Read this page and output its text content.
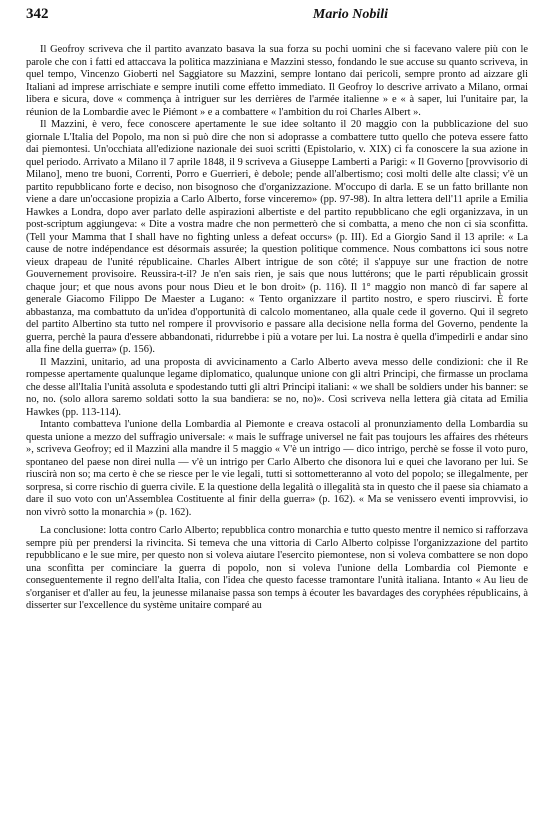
342	Mario Nobili

Il Geofroy scriveva che il partito avanzato basava la sua forza su pochi uomini che si facevano valere più con le parole che con i fatti ed attaccava la politica mazziniana e Mazzini stesso, fondando le sue accuse su quanto scriveva, in quel tempo, Vincenzo Gioberti nel Saggiatore su Mazzini, sempre lontano dai pericoli, sempre pronto ad aizzare gli Italiani ad imprese arrischiate e sempre inutili come effetto immediato. Il Geofroy lo descrive arrivato a Milano, ormai libera e sicura, dove « commença à intriguer sur les derrières de l'armée italienne » e « à saper, lui l'unitaire par, la réunion de la Lombardie avec le Piémont » e a combattere « l'ambition du roi Charles Albert ».

Il Mazzini, è vero, fece conoscere apertamente le sue idee soltanto il 20 maggio con la pubblicazione del suo giornale L'Italia del Popolo, ma non si può dire che non si adoprasse a combattere tutto quello che poteva essere fatto dai piemontesi. Un'occhiata all'edizione nazionale dei suoi scritti (Epistolario, v. XIX) ci fa conoscere la sua azione in quel periodo. Arrivato a Milano il 7 aprile 1848, il 9 scriveva a Giuseppe Lamberti a Parigi: « Il Governo [provvisorio di Milano], meno tre buoni, Correnti, Porro e Guerrieri, è debole; pende all'albertismo; così molti delle alte classi; v'è un partito repubblicano forte e deciso, non bisognoso che d'organizzazione. M'occupo di darla. E se un fatto brillante non viene a dare un'occasione propizia a Carlo Alberto, forse vinceremo» (pp. 97-98). In altra lettera dell'11 aprile a Emilia Hawkes a Londra, dopo aver parlato delle aspirazioni albertiste e del partito repubblicano che egli organizzava, in un post-scriptum aggiungeva: « Dite a vostra madre che non permetterò che si combatta, a meno che non ci sia sconfitta. (Tell your Mamma that I shall have no fighting unless a defeat occurs» (p. III). Ed a Giorgio Sand il 13 aprile: « La cause de notre indépendance est désormais assurée; la question politique commence. Nous combattons ici sous notre vieux drapeau de l'unité républicaine. Charles Albert intrigue de son côté; il s'appuye sur une fraction de notre Gouvernement provisoire. Reussira-t-il? Je n'en sais rien, je sais que nous luttérons; que le parti républicain grossit chaque jour; et que nous avons pour nous Dieu et le bon droit» (p. 116). Il 1° maggio non mancò di far sapere al generale Giacomo Filippo De Maester a Lugano: « Tento organizzare il partito nostro, e spero riuscirvi. È forte abbastanza, ma combattuto da un'idea d'opportunità di calcolo momentaneo, alla quale cede il governo. Qui il segreto del partito Albertino sta tutto nel rompere il provvisorio e passare alla decisione nella forma del Governo, pendente la guerra, perchè la paura d'essere abbandonati, ridurrebbe i più a votare per lui. La nostra è quella d'impedirli e andar sino alla fine della guerra» (p. 156).

Il Mazzini, unitario, ad una proposta di avvicinamento a Carlo Alberto aveva messo delle condizioni: che il Re rompesse apertamente qualunque legame diplomatico, qualunque unione con gli altri Principi, che firmasse un proclama che desse all'Italia l'unità assoluta e spodestando tutti gli altri Principi italiani: « we shall be soldiers under his banner: se no, no. (solo allora saremo soldati sotto la sua bandiera: se no, no)». Così scriveva nella lettera già citata ad Emilia Hawkes (pp. 113-114).

Intanto combatteva l'unione della Lombardia al Piemonte e creava ostacoli al pronunziamento della Lombardia su questa unione a mezzo del suffragio universale: « mais le suffrage universel ne fait pas toujours les affaires des rhéteurs », scriveva Geofroy; ed il Mazzini alla mandre il 5 maggio « V'è un intrigo — dico intrigo, perchè se fosse il voto puro, spontaneo del paese non direi nulla — v'è un intrigo per Carlo Alberto che disonora lui e quei che lavorano per lui. Se riuscirà non so; ma certo è che se riesce per le vie legali, tutti si sottometteranno al voto del popolo; se illegalmente, per sorpresa, si corre rischio di guerra civile. E la questione della legalità o illegalità sta in questo che il paese sia chiamato a dare il suo voto con un'Assemblea Costituente al finir della guerra» (p. 162). « Ma se venissero eventi improvvisi, io non vivrò sotto la monarchia » (p. 162).

La conclusione: lotta contro Carlo Alberto; repubblica contro monarchia e tutto questo mentre il nemico si rafforzava sempre più per prendersi la rivincita. Si temeva che una vittoria di Carlo Alberto colpisse l'organizzazione del partito repubblicano e le sue mire, per questo non si voleva aiutare l'esercito piemontese, non si voleva combattere se non dopo una sconfitta per cominciare la guerra di popolo, non si voleva l'unione della Lombardia col Piemonte e conseguentemente il regno dell'alta Italia, con l'idea che questo facesse tramontare l'unità italiana. Intanto « Au lieu de s'organiser et d'aller au feu, la jeunesse milanaise passa son temps à écouter les bavardages des coryphées républicains, à disserter sur l'excellence du système unitaire comparé au
